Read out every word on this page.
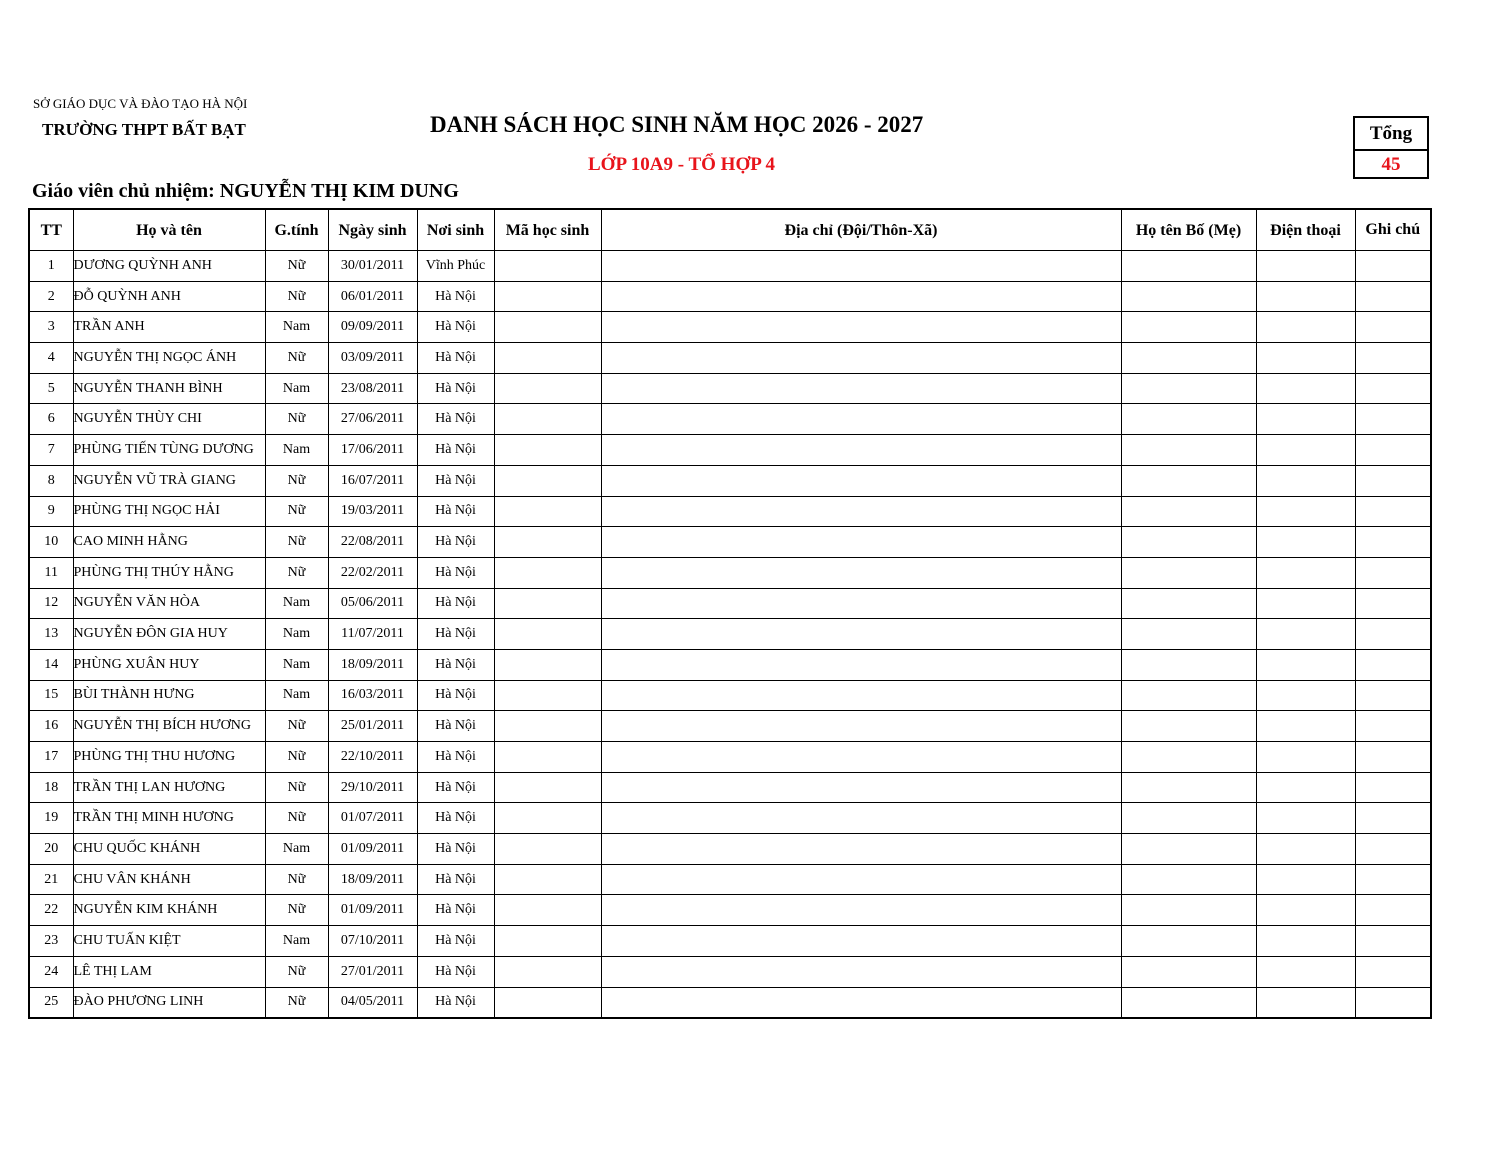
SỞ GIÁO DỤC VÀ ĐÀO TẠO HÀ NỘI
TRƯỜNG THPT BẤT BẠT	DANH SÁCH HỌC SINH NĂM HỌC 2026 - 2027
LỚP 10A9 - TỔ HỢP 4
Giáo viên chủ nhiệm: NGUYỄN THỊ KIM DUNG
Tổng
45
TT	Họ và tên	G.tính	Ngày sinh	Nơi sinh	Mã học sinh	Địa chỉ (Đội/Thôn-Xã)	Họ tên Bố (Mẹ)	Điện thoại	Ghi chú
1	DƯƠNG QUỲNH ANH	Nữ	30/01/2011	Vĩnh Phúc					
2	ĐỖ QUỲNH ANH	Nữ	06/01/2011	Hà Nội					
3	TRẦN ANH	Nam	09/09/2011	Hà Nội					
4	NGUYỄN THỊ NGỌC ÁNH	Nữ	03/09/2011	Hà Nội					
5	NGUYỄN THANH BÌNH	Nam	23/08/2011	Hà Nội					
6	NGUYỄN THÙY CHI	Nữ	27/06/2011	Hà Nội					
7	PHÙNG TIẾN TÙNG DƯƠNG	Nam	17/06/2011	Hà Nội					
8	NGUYỄN VŨ TRÀ GIANG	Nữ	16/07/2011	Hà Nội					
9	PHÙNG THỊ NGỌC HẢI	Nữ	19/03/2011	Hà Nội					
10	CAO MINH HẰNG	Nữ	22/08/2011	Hà Nội					
11	PHÙNG THỊ THÚY HẰNG	Nữ	22/02/2011	Hà Nội					
12	NGUYỄN VĂN HÒA	Nam	05/06/2011	Hà Nội					
13	NGUYỄN ĐÔN GIA HUY	Nam	11/07/2011	Hà Nội					
14	PHÙNG XUÂN HUY	Nam	18/09/2011	Hà Nội					
15	BÙI THÀNH HƯNG	Nam	16/03/2011	Hà Nội					
16	NGUYỄN THỊ BÍCH HƯƠNG	Nữ	25/01/2011	Hà Nội					
17	PHÙNG THỊ THU HƯƠNG	Nữ	22/10/2011	Hà Nội					
18	TRẦN THỊ LAN HƯƠNG	Nữ	29/10/2011	Hà Nội					
19	TRẦN THỊ MINH HƯƠNG	Nữ	01/07/2011	Hà Nội					
20	CHU QUỐC KHÁNH	Nam	01/09/2011	Hà Nội					
21	CHU VÂN KHÁNH	Nữ	18/09/2011	Hà Nội					
22	NGUYỄN KIM KHÁNH	Nữ	01/09/2011	Hà Nội					
23	CHU TUẤN KIỆT	Nam	07/10/2011	Hà Nội					
24	LÊ THỊ LAM	Nữ	27/01/2011	Hà Nội					
25	ĐÀO PHƯƠNG LINH	Nữ	04/05/2011	Hà Nội					
